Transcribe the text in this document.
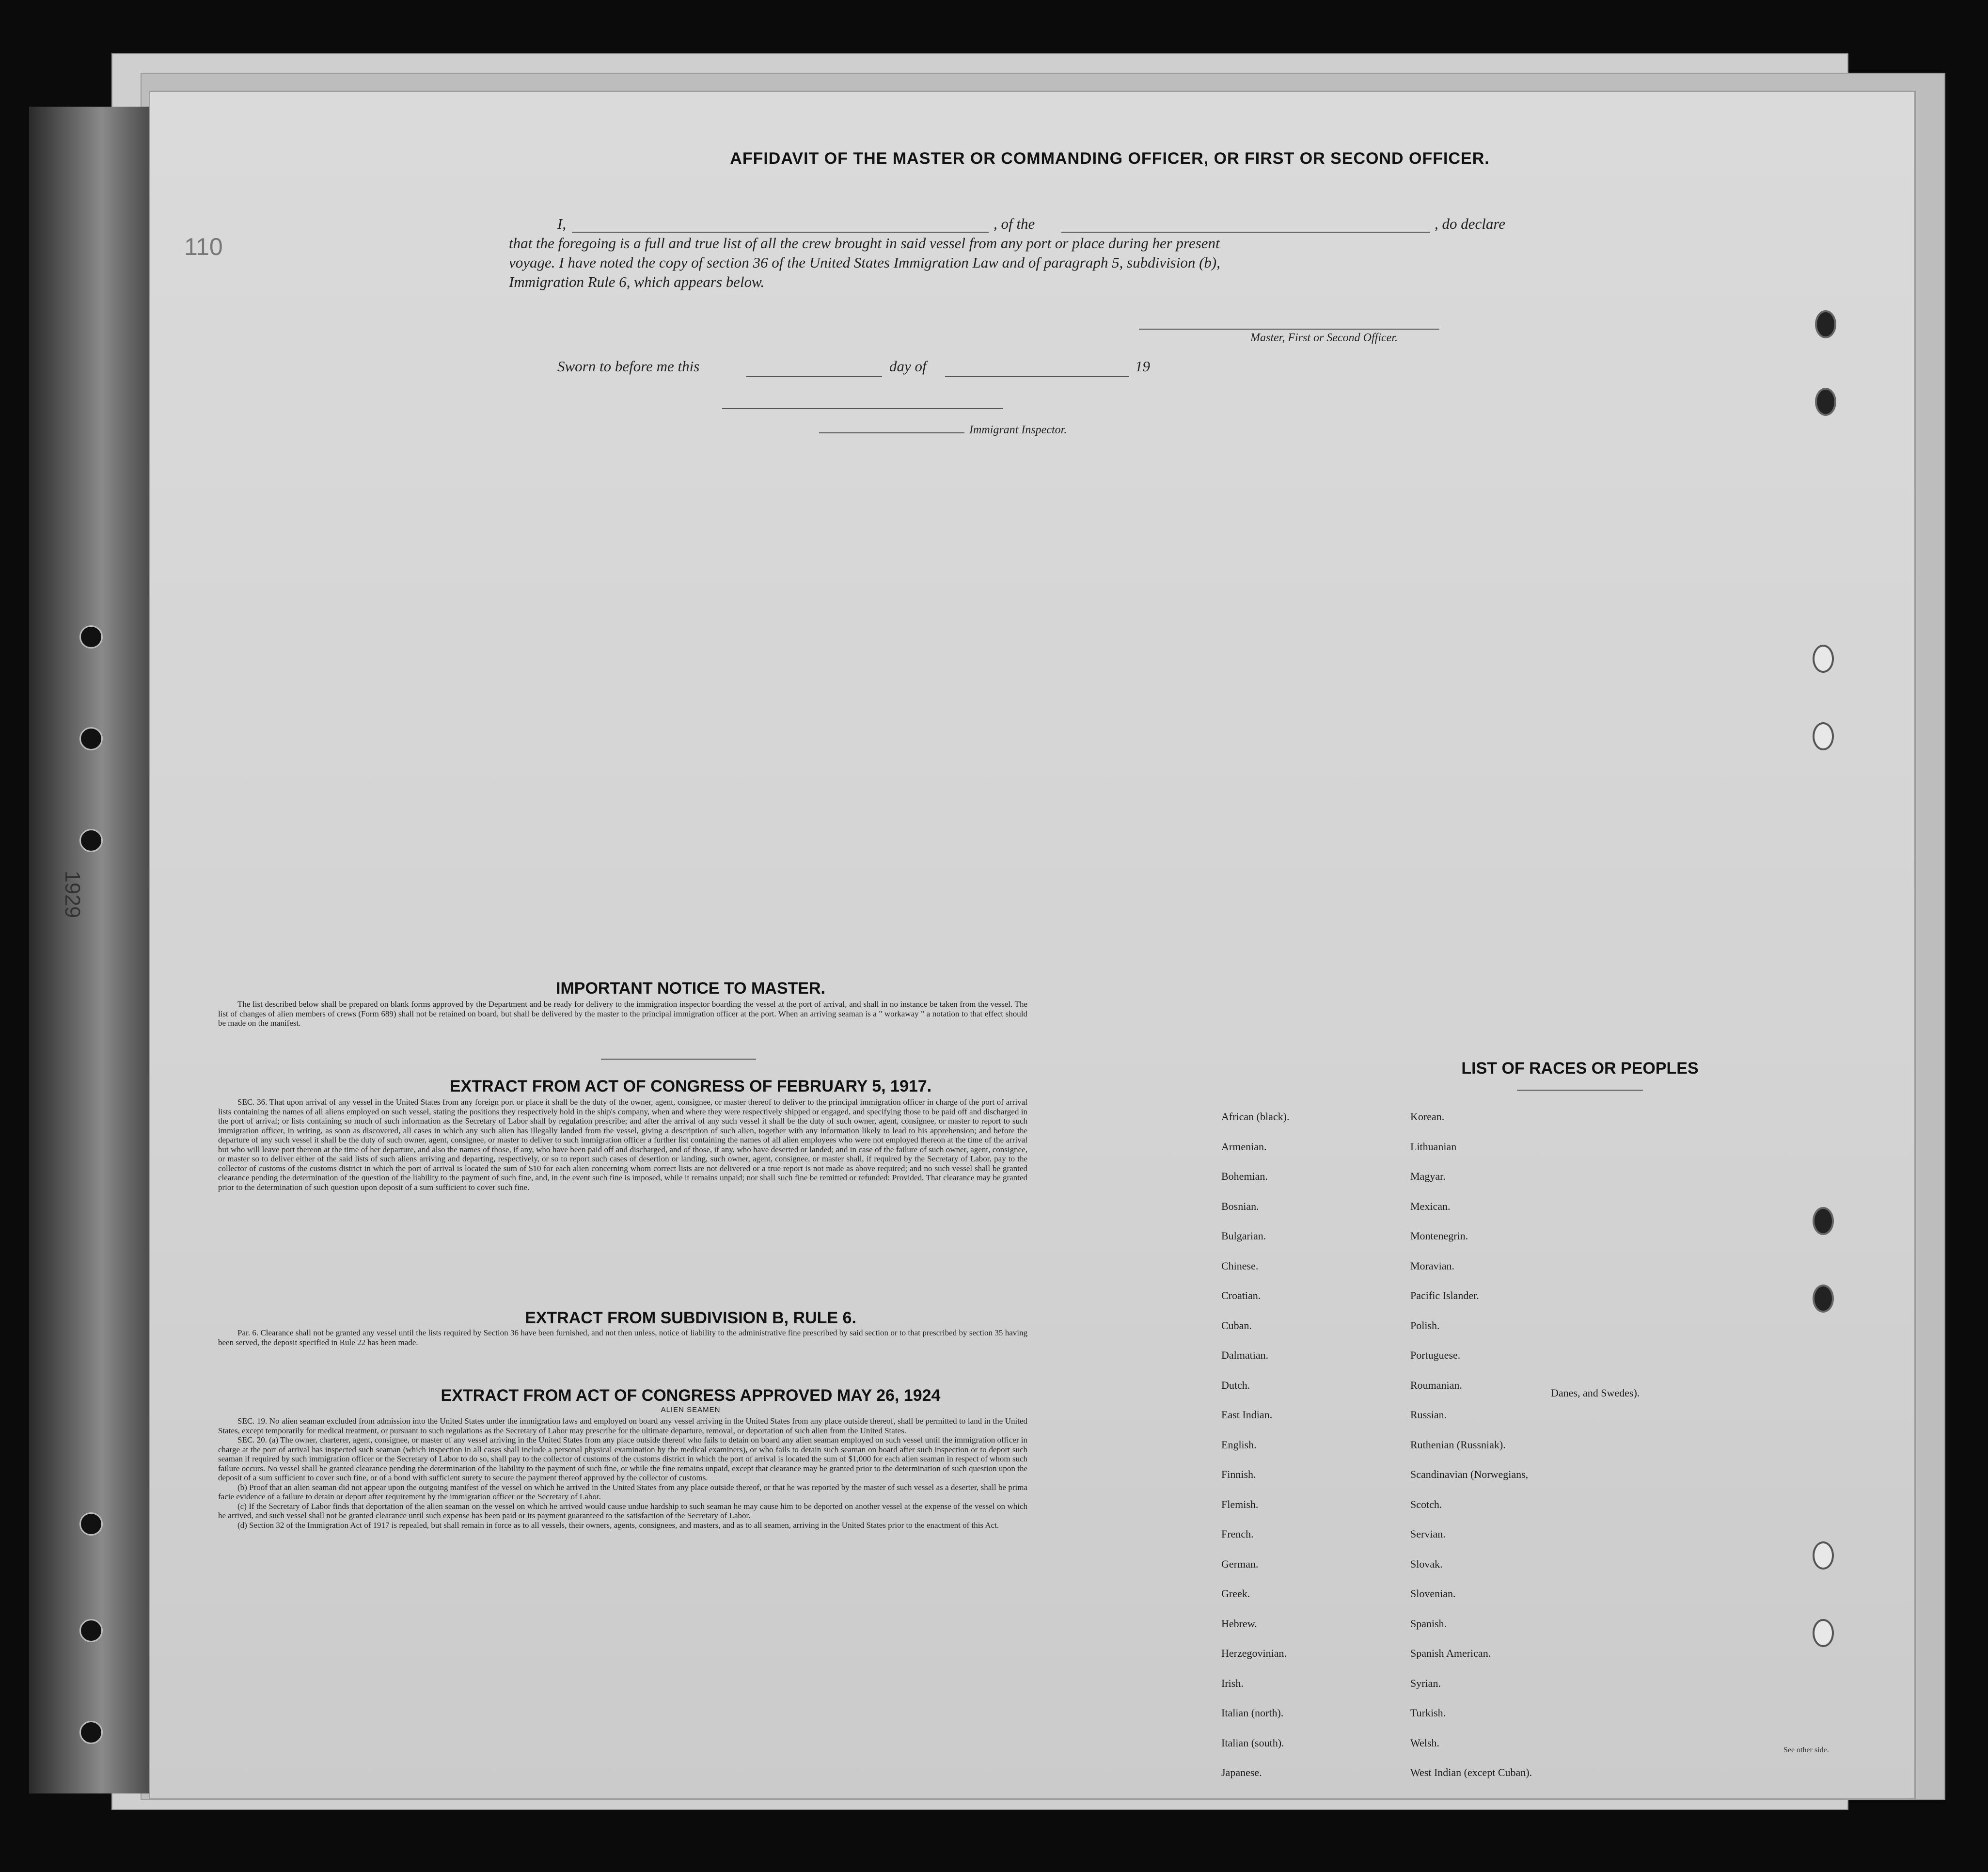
1929
110
AFFIDAVIT OF THE MASTER OR COMMANDING OFFICER, OR FIRST OR SECOND OFFICER.
I,	, of the	, do declare
that the foregoing is a full and true list of all the crew brought in said vessel from any port or place during her present
voyage. I have noted the copy of section 36 of the United States Immigration Law and of paragraph 5, subdivision (b),
Immigration Rule 6, which appears below.
Master, First or Second Officer.
Sworn to before me this	day of	19
Immigrant Inspector.
IMPORTANT NOTICE TO MASTER.

The list described below shall be prepared on blank forms approved by the Department and be ready for delivery to the immigration inspector boarding the vessel at the port of arrival, and shall in no instance be taken from the vessel. The list of changes of alien members of crews (Form 689) shall not be retained on board, but shall be delivered by the master to the principal immigration officer at the port. When an arriving seaman is a " workaway " a notation to that effect should be made on the manifest.

EXTRACT FROM ACT OF CONGRESS OF FEBRUARY 5, 1917.

SEC. 36. That upon arrival of any vessel in the United States from any foreign port or place it shall be the duty of the owner, agent, consignee, or master thereof to deliver to the principal immigration officer in charge of the port of arrival lists containing the names of all aliens employed on such vessel, stating the positions they respectively hold in the ship's company, when and where they were respectively shipped or engaged, and specifying those to be paid off and discharged in the port of arrival; or lists containing so much of such information as the Secretary of Labor shall by regulation prescribe; and after the arrival of any such vessel it shall be the duty of such owner, agent, consignee, or master to report to such immigration officer, in writing, as soon as discovered, all cases in which any such alien has illegally landed from the vessel, giving a description of such alien, together with any information likely to lead to his apprehension; and before the departure of any such vessel it shall be the duty of such owner, agent, consignee, or master to deliver to such immigration officer a further list containing the names of all alien employees who were not employed thereon at the time of the arrival but who will leave port thereon at the time of her departure, and also the names of those, if any, who have been paid off and discharged, and of those, if any, who have deserted or landed; and in case of the failure of such owner, agent, consignee, or master so to deliver either of the said lists of such aliens arriving and departing, respectively, or so to report such cases of desertion or landing, such owner, agent, consignee, or master shall, if required by the Secretary of Labor, pay to the collector of customs of the customs district in which the port of arrival is located the sum of $10 for each alien concerning whom correct lists are not delivered or a true report is not made as above required; and no such vessel shall be granted clearance pending the determination of the question of the liability to the payment of such fine, and, in the event such fine is imposed, while it remains unpaid; nor shall such fine be remitted or refunded: Provided, That clearance may be granted prior to the determination of such question upon deposit of a sum sufficient to cover such fine.

EXTRACT FROM SUBDIVISION B, RULE 6.

Par. 6. Clearance shall not be granted any vessel until the lists required by Section 36 have been furnished, and not then unless, notice of liability to the administrative fine prescribed by said section or to that prescribed by section 35 having been served, the deposit specified in Rule 22 has been made.

EXTRACT FROM ACT OF CONGRESS APPROVED MAY 26, 1924
ALIEN SEAMEN

SEC. 19. No alien seaman excluded from admission into the United States under the immigration laws and employed on board any vessel arriving in the United States from any place outside thereof, shall be permitted to land in the United States, except temporarily for medical treatment, or pursuant to such regulations as the Secretary of Labor may prescribe for the ultimate departure, removal, or deportation of such alien from the United States.

SEC. 20. (a) The owner, charterer, agent, consignee, or master of any vessel arriving in the United States from any place outside thereof who fails to detain on board any alien seaman employed on such vessel until the immigration officer in charge at the port of arrival has inspected such seaman (which inspection in all cases shall include a personal physical examination by the medical examiners), or who fails to detain such seaman on board after such inspection or to deport such seaman if required by such immigration officer or the Secretary of Labor to do so, shall pay to the collector of customs of the customs district in which the port of arrival is located the sum of $1,000 for each alien seaman in respect of whom such failure occurs. No vessel shall be granted clearance pending the determination of the liability to the payment of such fine, or while the fine remains unpaid, except that clearance may be granted prior to the determination of such question upon the deposit of a sum sufficient to cover such fine, or of a bond with sufficient surety to secure the payment thereof approved by the collector of customs.

(b) Proof that an alien seaman did not appear upon the outgoing manifest of the vessel on which he arrived in the United States from any place outside thereof, or that he was reported by the master of such vessel as a deserter, shall be prima facie evidence of a failure to detain or deport after requirement by the immigration officer or the Secretary of Labor.

(c) If the Secretary of Labor finds that deportation of the alien seaman on the vessel on which he arrived would cause undue hardship to such seaman he may cause him to be deported on another vessel at the expense of the vessel on which he arrived, and such vessel shall not be granted clearance until such expense has been paid or its payment guaranteed to the satisfaction of the Secretary of Labor.

(d) Section 32 of the Immigration Act of 1917 is repealed, but shall remain in force as to all vessels, their owners, agents, consignees, and masters, and as to all seamen, arriving in the United States prior to the enactment of this Act.

LIST OF RACES OR PEOPLES
Danes, and Swedes).
See other side.
African (black).
Armenian.
Bohemian.
Bosnian.
Bulgarian.
Chinese.
Croatian.
Cuban.
Dalmatian.
Dutch.
East Indian.
English.
Finnish.
Flemish.
French.
German.
Greek.
Hebrew.
Herzegovinian.
Irish.
Italian (north).
Italian (south).
Japanese.
Korean.
Lithuanian
Magyar.
Mexican.
Montenegrin.
Moravian.
Pacific Islander.
Polish.
Portuguese.
Roumanian.
Russian.
Ruthenian (Russniak).
Scandinavian (Norwegians,
Scotch.
Servian.
Slovak.
Slovenian.
Spanish.
Spanish American.
Syrian.
Turkish.
Welsh.
West Indian (except Cuban).
